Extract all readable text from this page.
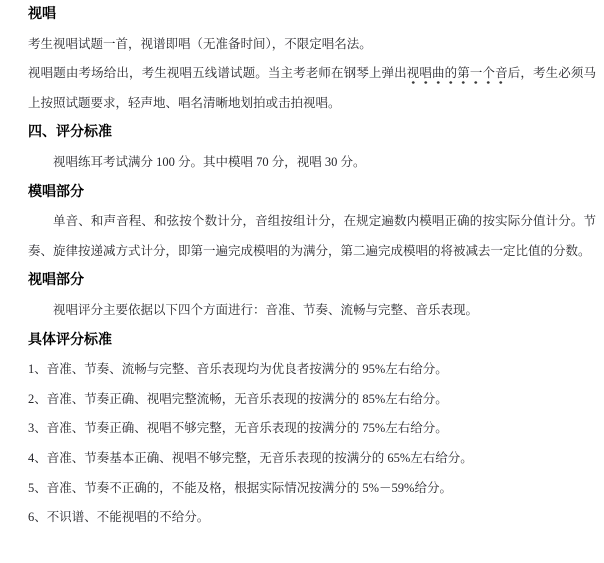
视唱

考生视唱试题一首，视谱即唱（无准备时间），不限定唱名法。

视唱题由考场给出，考生视唱五线谱试题。当主考老师在钢琴上弹出视唱曲的第一个音后，考生必须马上按照试题要求，轻声地、唱名清晰地划拍或击拍视唱。

四、评分标准

视唱练耳考试满分 100 分。其中模唱 70 分，视唱 30 分。

模唱部分

单音、和声音程、和弦按个数计分，音组按组计分，在规定遍数内模唱正确的按实际分值计分。节奏、旋律按递减方式计分，即第一遍完成模唱的为满分，第二遍完成模唱的将被减去一定比值的分数。

视唱部分

视唱评分主要依据以下四个方面进行：音准、节奏、流畅与完整、音乐表现。

具体评分标准

1、音准、节奏、流畅与完整、音乐表现均为优良者按满分的 95%左右给分。

2、音准、节奏正确、视唱完整流畅，无音乐表现的按满分的 85%左右给分。

3、音准、节奏正确、视唱不够完整，无音乐表现的按满分的 75%左右给分。

4、音准、节奏基本正确、视唱不够完整，无音乐表现的按满分的 65%左右给分。

5、音准、节奏不正确的，不能及格，根据实际情况按满分的 5%－59%给分。

6、不识谱、不能视唱的不给分。
